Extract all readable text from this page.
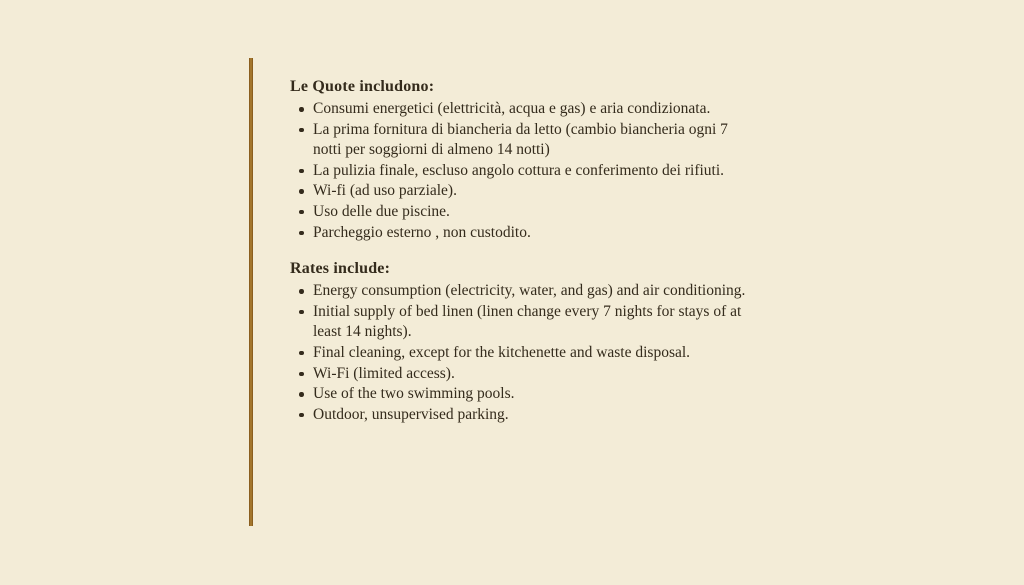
Le Quote includono:
Consumi energetici (elettricità, acqua e gas) e aria condizionata.
La prima fornitura di biancheria da letto (cambio biancheria ogni 7 notti per soggiorni di almeno 14 notti)
La pulizia finale, escluso angolo cottura e conferimento dei rifiuti.
Wi-fi (ad uso parziale).
Uso delle due piscine.
Parcheggio esterno , non custodito.
Rates include:
Energy consumption (electricity, water, and gas) and air conditioning.
Initial supply of bed linen (linen change every 7 nights for stays of at least 14 nights).
Final cleaning, except for the kitchenette and waste disposal.
Wi-Fi (limited access).
Use of the two swimming pools.
Outdoor, unsupervised parking.
